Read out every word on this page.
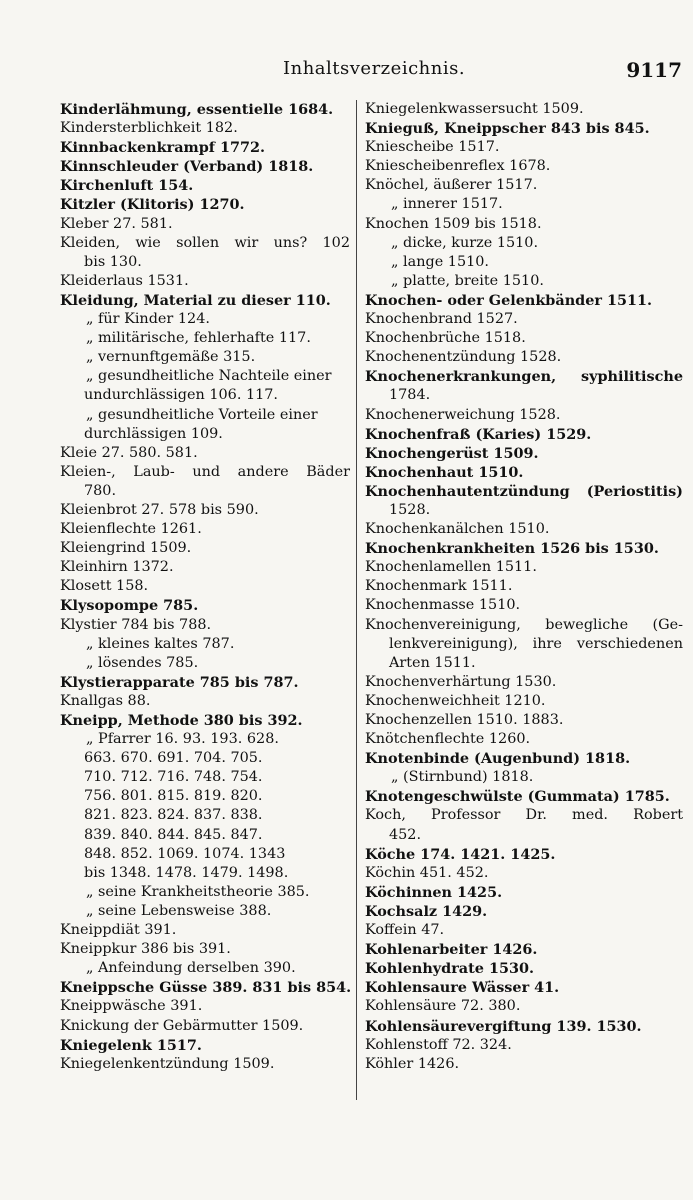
Inhaltsverzeichnis.	9117
Kinderlähmung, essentielle 1684.
Kindersterblichkeit 182.
Kinnbackenkrampf 1772.
Kinnschleuder (Verband) 1818.
Kirchenluft 154.
Kitzler (Klitoris) 1270.
Kleber 27. 581.
Kleiden, wie sollen wir uns? 102
bis 130.
Kleiderlaus 1531.
Kleidung, Material zu dieser 110.
„ für Kinder 124.
„ militärische, fehlerhafte 117.
„ vernunftgemäße 315.
„ gesundheitliche Nachteile einer
undurchlässigen 106. 117.
„ gesundheitliche Vorteile einer
durchlässigen 109.
Kleie 27. 580. 581.
Kleien-, Laub- und andere Bäder
780.
Kleienbrot 27. 578 bis 590.
Kleienflechte 1261.
Kleiengrind 1509.
Kleinhirn 1372.
Klosett 158.
Klysopompe 785.
Klystier 784 bis 788.
„ kleines kaltes 787.
„ lösendes 785.
Klystierapparate 785 bis 787.
Knallgas 88.
Kneipp, Methode 380 bis 392.
„ Pfarrer 16. 93. 193. 628.
663. 670. 691. 704. 705.
710. 712. 716. 748. 754.
756. 801. 815. 819. 820.
821. 823. 824. 837. 838.
839. 840. 844. 845. 847.
848. 852. 1069. 1074. 1343
bis 1348. 1478. 1479. 1498.
„ seine Krankheitstheorie 385.
„ seine Lebensweise 388.
Kneippdiät 391.
Kneippkur 386 bis 391.
„ Anfeindung derselben 390.
Kneippsche Güsse 389. 831 bis 854.
Kneippwäsche 391.
Knickung der Gebärmutter 1509.
Kniegelenk 1517.
Kniegelenkentzündung 1509.
Kniegelenkwassersucht 1509.
Knieguß, Kneippscher 843 bis 845.
Kniescheibe 1517.
Kniescheibenreflex 1678.
Knöchel, äußerer 1517.
„ innerer 1517.
Knochen 1509 bis 1518.
„ dicke, kurze 1510.
„ lange 1510.
„ platte, breite 1510.
Knochen- oder Gelenkbänder 1511.
Knochenbrand 1527.
Knochenbrüche 1518.
Knochenentzündung 1528.
Knochenerkrankungen, syphilitische
1784.
Knochenerweichung 1528.
Knochenfraß (Karies) 1529.
Knochengerüst 1509.
Knochenhaut 1510.
Knochenhautentzündung (Periostitis)
1528.
Knochenkanälchen 1510.
Knochenkrankheiten 1526 bis 1530.
Knochenlamellen 1511.
Knochenmark 1511.
Knochenmasse 1510.
Knochenvereinigung, bewegliche (Ge-
lenkvereinigung), ihre verschiedenen
Arten 1511.
Knochenverhärtung 1530.
Knochenweichheit 1210.
Knochenzellen 1510. 1883.
Knötchenflechte 1260.
Knotenbinde (Augenbund) 1818.
„ (Stirnbund) 1818.
Knotengeschwülste (Gummata) 1785.
Koch, Professor Dr. med. Robert
452.
Köche 174. 1421. 1425.
Köchin 451. 452.
Köchinnen 1425.
Kochsalz 1429.
Koffein 47.
Kohlenarbeiter 1426.
Kohlenhydrate 1530.
Kohlensaure Wässer 41.
Kohlensäure 72. 380.
Kohlensäurevergiftung 139. 1530.
Kohlenstoff 72. 324.
Köhler 1426.
